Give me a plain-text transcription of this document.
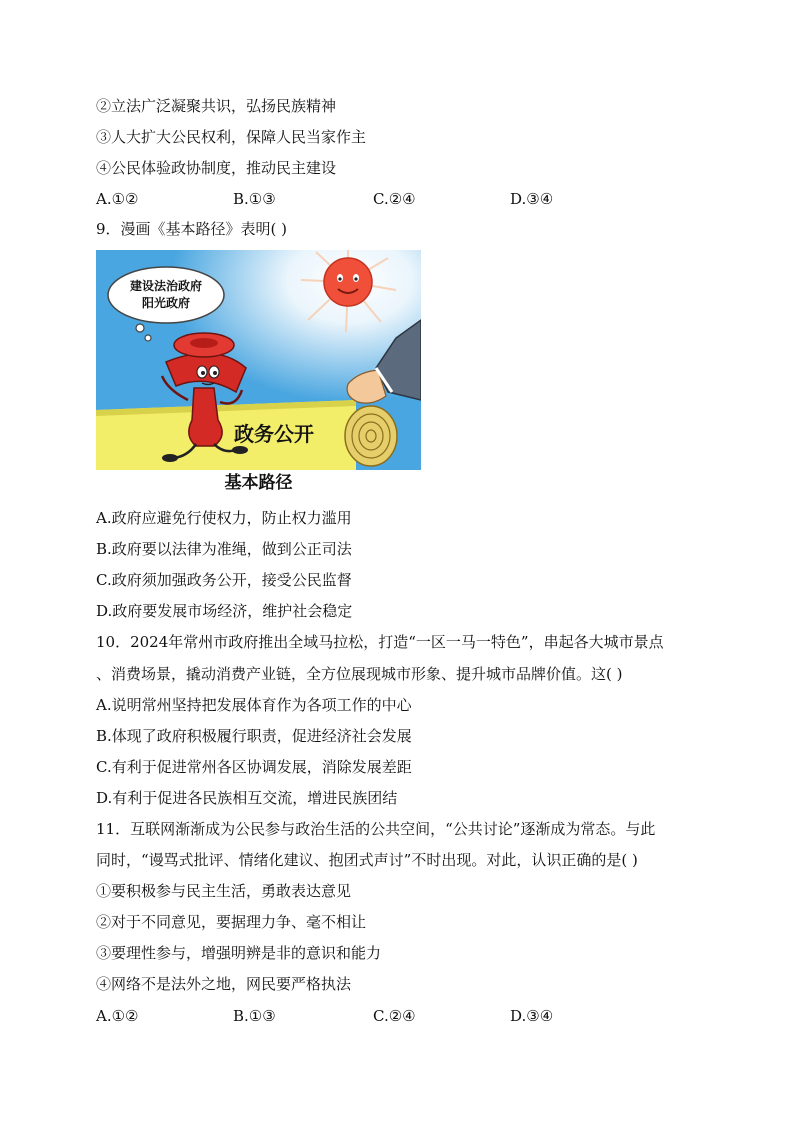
②立法广泛凝聚共识，弘扬民族精神
③人大扩大公民权利，保障人民当家作主
④公民体验政协制度，推动民主建设
A.①②	B.①③	C.②④	D.③④
9．漫画《基本路径》表明( )
建设法治政府
阳光政府
政务公开
基本路径
A.政府应避免行使权力，防止权力滥用
B.政府要以法律为准绳，做到公正司法
C.政府须加强政务公开，接受公民监督
D.政府要发展市场经济，维护社会稳定
10．2024年常州市政府推出全域马拉松，打造“一区一马一特色”，串起各大城市景点
、消费场景，撬动消费产业链，全方位展现城市形象、提升城市品牌价值。这( )
A.说明常州坚持把发展体育作为各项工作的中心
B.体现了政府积极履行职责，促进经济社会发展
C.有利于促进常州各区协调发展，消除发展差距
D.有利于促进各民族相互交流，增进民族团结
11．互联网渐渐成为公民参与政治生活的公共空间，“公共讨论”逐渐成为常态。与此
同时，“谩骂式批评、情绪化建议、抱团式声讨”不时出现。对此，认识正确的是( )
①要积极参与民主生活，勇敢表达意见
②对于不同意见，要据理力争、毫不相让
③要理性参与，增强明辨是非的意识和能力
④网络不是法外之地，网民要严格执法
A.①②	B.①③	C.②④	D.③④
